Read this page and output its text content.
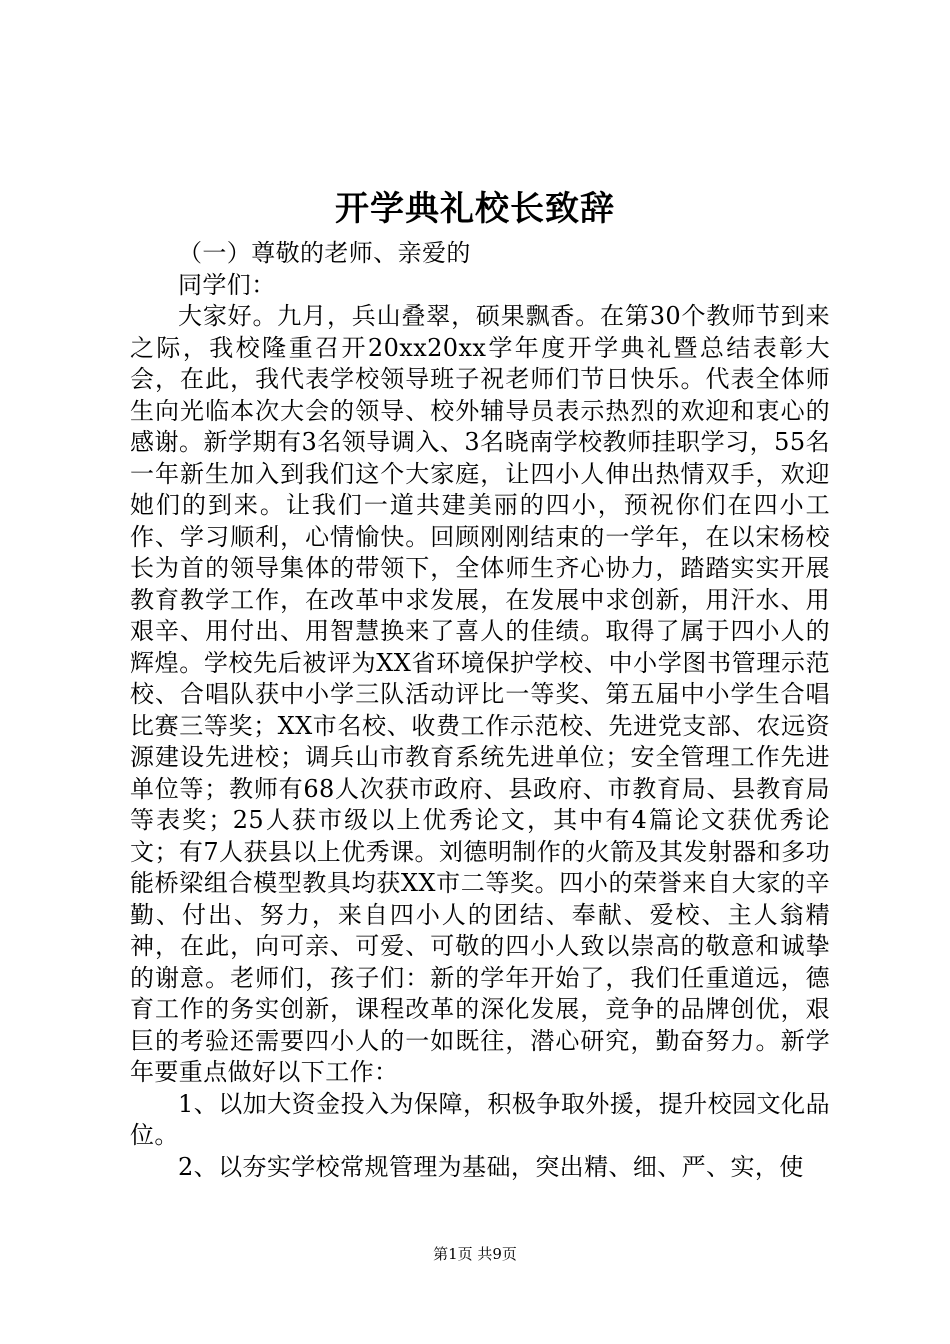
开学典礼校长致辞

（一）尊敬的老师、亲爱的

同学们：

大家好。九月，兵山叠翠，硕果飘香。在第30个教师节到来之际，我校隆重召开20xx20xx学年度开学典礼暨总结表彰大会，在此，我代表学校领导班子祝老师们节日快乐。代表全体师生向光临本次大会的领导、校外辅导员表示热烈的欢迎和衷心的感谢。新学期有3名领导调入、3名晓南学校教师挂职学习，55名一年新生加入到我们这个大家庭，让四小人伸出热情双手，欢迎她们的到来。让我们一道共建美丽的四小，预祝你们在四小工作、学习顺利，心情愉快。回顾刚刚结束的一学年，在以宋杨校长为首的领导集体的带领下，全体师生齐心协力，踏踏实实开展教育教学工作，在改革中求发展，在发展中求创新，用汗水、用艰辛、用付出、用智慧换来了喜人的佳绩。取得了属于四小人的辉煌。学校先后被评为XX省环境保护学校、中小学图书管理示范校、合唱队获中小学三队活动评比一等奖、第五届中小学生合唱比赛三等奖；XX市名校、收费工作示范校、先进党支部、农远资源建设先进校；调兵山市教育系统先进单位；安全管理工作先进单位等；教师有68人次获市政府、县政府、市教育局、县教育局等表奖；25人获市级以上优秀论文，其中有4篇论文获优秀论文；有7人获县以上优秀课。刘德明制作的火箭及其发射器和多功能桥梁组合模型教具均获XX市二等奖。四小的荣誉来自大家的辛勤、付出、努力，来自四小人的团结、奉献、爱校、主人翁精神，在此，向可亲、可爱、可敬的四小人致以崇高的敬意和诚挚的谢意。老师们，孩子们：新的学年开始了，我们任重道远，德育工作的务实创新，课程改革的深化发展，竞争的品牌创优，艰巨的考验还需要四小人的一如既往，潜心研究，勤奋努力。新学年要重点做好以下工作：

1、以加大资金投入为保障，积极争取外援，提升校园文化品位。

2、以夯实学校常规管理为基础，突出精、细、严、实，使

第1页 共9页
